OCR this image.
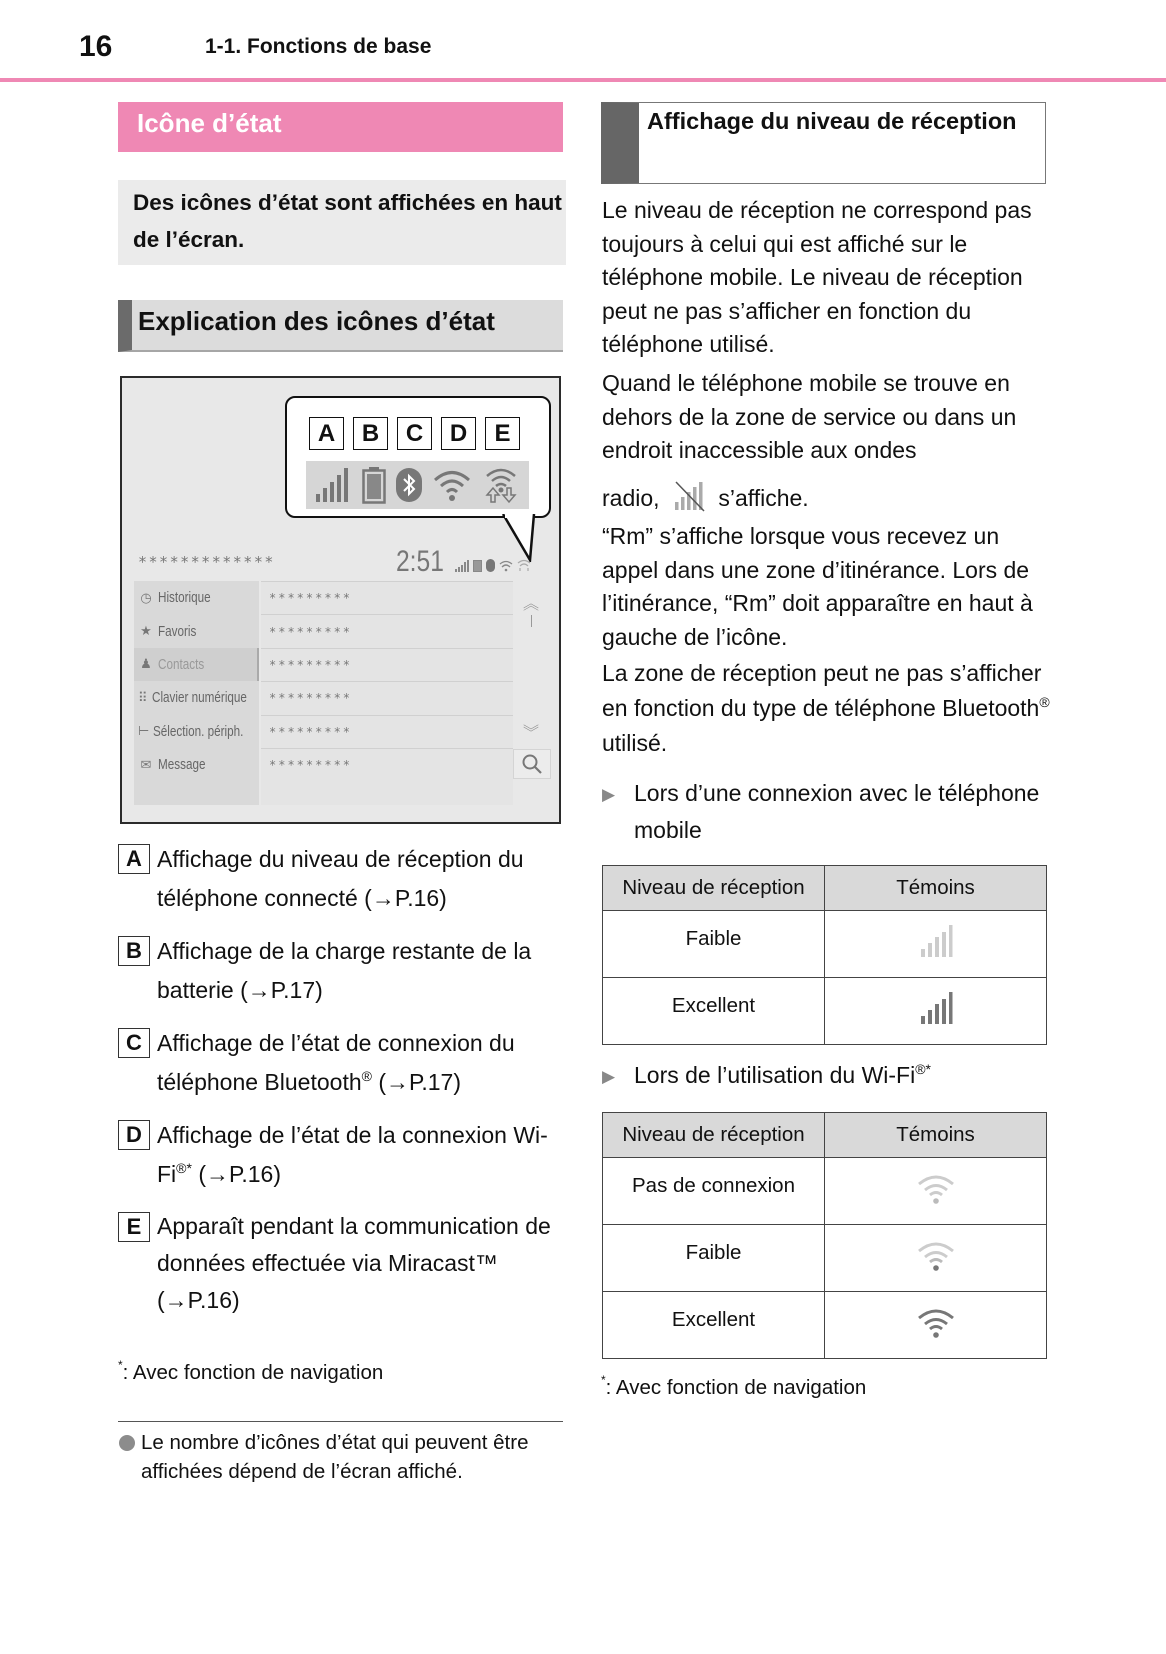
16	1-1. Fonctions de base
Icône d’état
Des icônes d’état sont affichées en haut de l’écran.
Explication des icônes d’état
A	B	C	D	E
*************	2:51
◷ Historique
★ Favoris
♟ Contacts
⠿ Clavier numérique
⊢ Sélection. périph.
✉ Message
*********
*********
*********
*********
*********
*********
︽
︾
A Affichage du niveau de réception du téléphone connecté (→P.16)
B Affichage de la charge restante de la batterie (→P.17)
C Affichage de l’état de connexion du téléphone Bluetooth® (→P.17)
D Affichage de l’état de la connexion Wi-Fi®* (→P.16)
E Apparaît pendant la communication de données effectuée via Miracast™ (→P.16)
*: Avec fonction de navigation
Le nombre d’icônes d’état qui peuvent être affichées dépend de l’écran affiché.
Affichage du niveau de réception
Le niveau de réception ne correspond pas toujours à celui qui est affiché sur le téléphone mobile. Le niveau de réception peut ne pas s’afficher en fonction du téléphone utilisé.
Quand le téléphone mobile se trouve en dehors de la zone de service ou dans un endroit inaccessible aux ondes
radio,	s’affiche.
“Rm” s’affiche lorsque vous recevez un appel dans une zone d’itinérance. Lors de l’itinérance, “Rm” doit apparaître en haut à gauche de l’icône.
La zone de réception peut ne pas s’afficher en fonction du type de téléphone Bluetooth® utilisé.
▶ Lors d’une connexion avec le téléphone mobile
Niveau de réception	Témoins
Faible	
Excellent	
▶ Lors de l’utilisation du Wi-Fi®*
Niveau de réception	Témoins
Pas de connexion	
Faible	
Excellent	
*: Avec fonction de navigation
